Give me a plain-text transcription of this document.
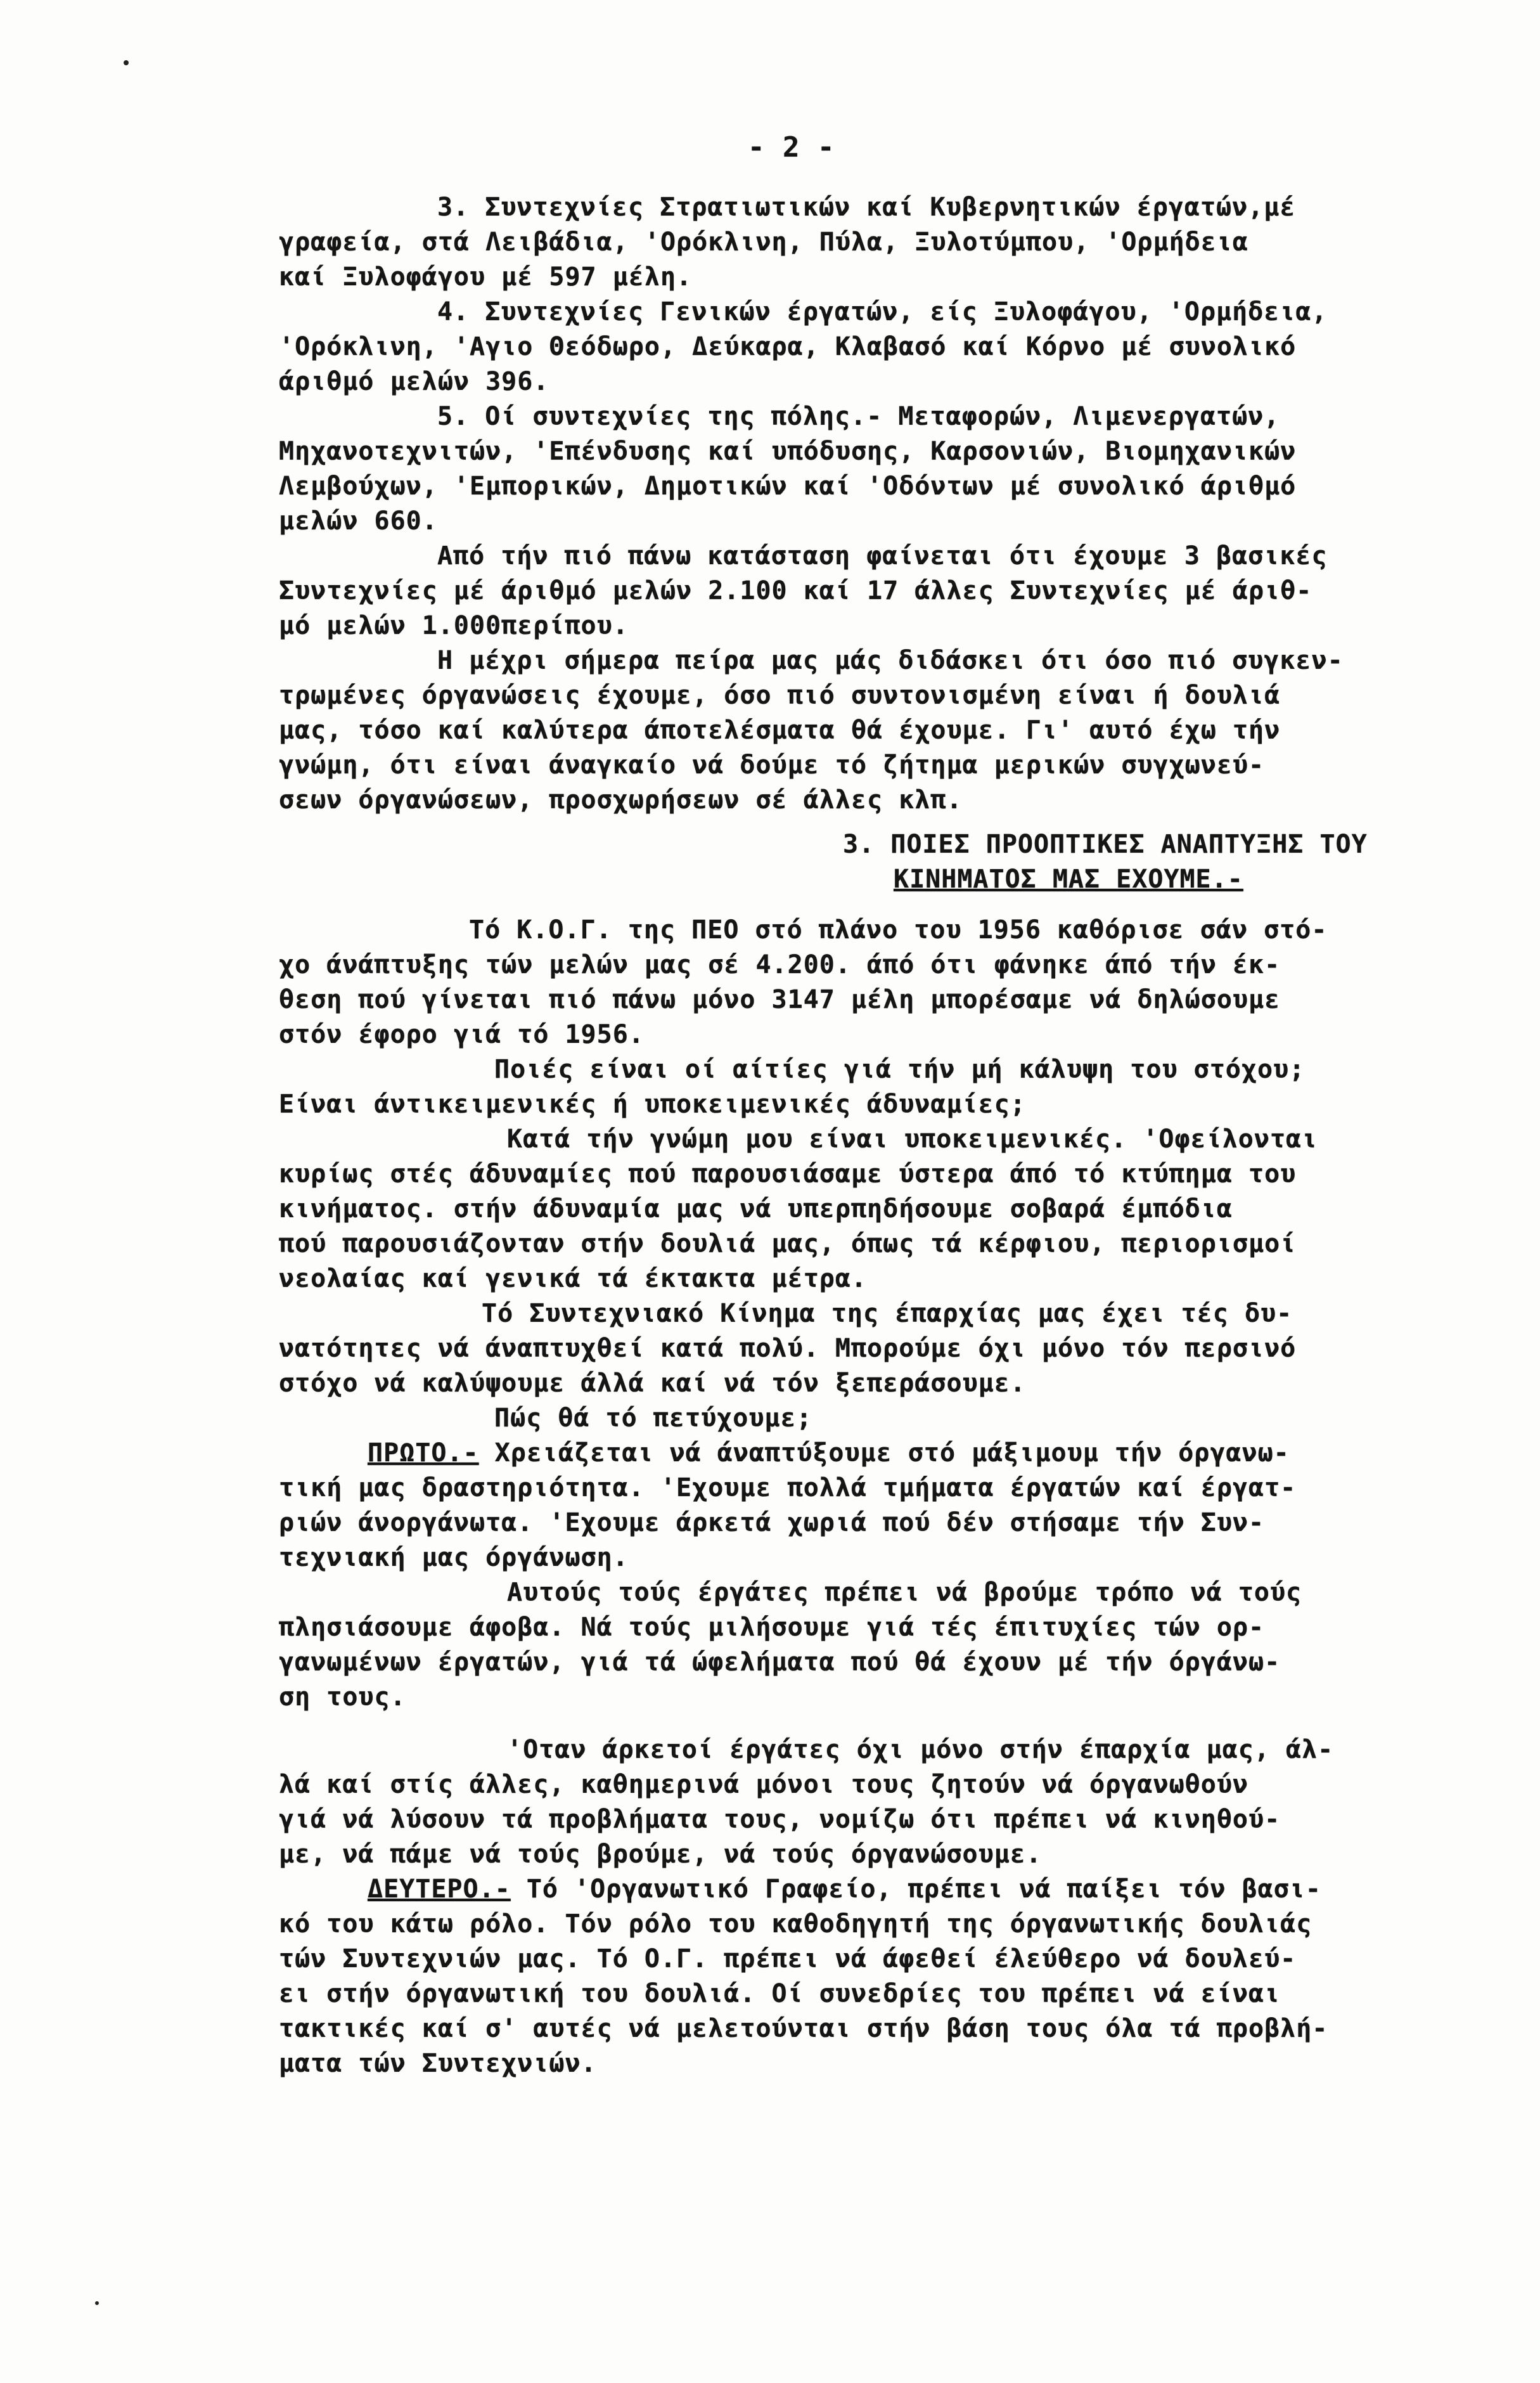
- 2 -
3. Συντεχνίες Στρατιωτικών καί Κυβερνητικών έργατών,μέ
γραφεία, στά Λειβάδια, 'Ορόκλινη, Πύλα, Ξυλοτύμπου, 'Ορμήδεια
καί Ξυλοφάγου μέ 597 μέλη.
4. Συντεχνίες Γενικών έργατών, είς Ξυλοφάγου, 'Ορμήδεια,
'Ορόκλινη, 'Αγιο Θεόδωρο, Δεύκαρα, Κλαβασό καί Κόρνο μέ συνολικό
άριθμό μελών 396.
5. Οί συντεχνίες της πόλης.- Μεταφορών, Λιμενεργατών,
Μηχανοτεχνιτών, 'Επένδυσης καί υπόδυσης, Καρσονιών, Βιομηχανικών
Λεμβούχων, 'Εμπορικών, Δημοτικών καί 'Οδόντων μέ συνολικό άριθμό
μελών 660.
Από τήν πιό πάνω κατάσταση φαίνεται ότι έχουμε 3 βασικές
Συντεχνίες μέ άριθμό μελών 2.100 καί 17 άλλες Συντεχνίες μέ άριθ-
μό μελών 1.000περίπου.
Η μέχρι σήμερα πείρα μας μάς διδάσκει ότι όσο πιό συγκεν-
τρωμένες όργανώσεις έχουμε, όσο πιό συντονισμένη είναι ή δουλιά
μας, τόσο καί καλύτερα άποτελέσματα θά έχουμε. Γι' αυτό έχω τήν
γνώμη, ότι είναι άναγκαίο νά δούμε τό ζήτημα μερικών συγχωνεύ-
σεων όργανώσεων, προσχωρήσεων σέ άλλες κλπ.
3. ΠΟΙΕΣ ΠΡΟΟΠΤΙΚΕΣ ΑΝΑΠΤΥΞΗΣ ΤΟΥ
ΚΙΝΗΜΑΤΟΣ ΜΑΣ ΕΧΟΥΜΕ.-
Τό Κ.Ο.Γ. της ΠΕΟ στό πλάνο του 1956 καθόρισε σάν στό-
χο άνάπτυξης τών μελών μας σέ 4.200. άπό ότι φάνηκε άπό τήν έκ-
θεση πού γίνεται πιό πάνω μόνο 3147 μέλη μπορέσαμε νά δηλώσουμε
στόν έφορο γιά τό 1956.
Ποιές είναι οί αίτίες γιά τήν μή κάλυψη του στόχου;
Είναι άντικειμενικές ή υποκειμενικές άδυναμίες;
Κατά τήν γνώμη μου είναι υποκειμενικές. 'Οφείλονται
κυρίως στές άδυναμίες πού παρουσιάσαμε ύστερα άπό τό κτύπημα του
κινήματος. στήν άδυναμία μας νά υπερπηδήσουμε σοβαρά έμπόδια
πού παρουσιάζονταν στήν δουλιά μας, όπως τά κέρφιου, περιορισμοί
νεολαίας καί γενικά τά έκτακτα μέτρα.
Τό Συντεχνιακό Κίνημα της έπαρχίας μας έχει τές δυ-
νατότητες νά άναπτυχθεί κατά πολύ. Μπορούμε όχι μόνο τόν περσινό
στόχο νά καλύψουμε άλλά καί νά τόν ξεπεράσουμε.
Πώς θά τό πετύχουμε;
ΠΡΩΤΟ.- Χρειάζεται νά άναπτύξουμε στό μάξιμουμ τήν όργανω-
τική μας δραστηριότητα. 'Εχουμε πολλά τμήματα έργατών καί έργατ-
ριών άνοργάνωτα. 'Εχουμε άρκετά χωριά πού δέν στήσαμε τήν Συν-
τεχνιακή μας όργάνωση.
Αυτούς τούς έργάτες πρέπει νά βρούμε τρόπο νά τούς
πλησιάσουμε άφοβα. Νά τούς μιλήσουμε γιά τές έπιτυχίες τών ορ-
γανωμένων έργατών, γιά τά ώφελήματα πού θά έχουν μέ τήν όργάνω-
ση τους.
'Οταν άρκετοί έργάτες όχι μόνο στήν έπαρχία μας, άλ-
λά καί στίς άλλες, καθημερινά μόνοι τους ζητούν νά όργανωθούν
γιά νά λύσουν τά προβλήματα τους, νομίζω ότι πρέπει νά κινηθού-
με, νά πάμε νά τούς βρούμε, νά τούς όργανώσουμε.
ΔΕΥΤΕΡΟ.- Τό 'Οργανωτικό Γραφείο, πρέπει νά παίξει τόν βασι-
κό του κάτω ρόλο. Τόν ρόλο του καθοδηγητή της όργανωτικής δουλιάς
τών Συντεχνιών μας. Τό Ο.Γ. πρέπει νά άφεθεί έλεύθερο νά δουλεύ-
ει στήν όργανωτική του δουλιά. Οί συνεδρίες του πρέπει νά είναι
τακτικές καί σ' αυτές νά μελετούνται στήν βάση τους όλα τά προβλή-
ματα τών Συντεχνιών.
